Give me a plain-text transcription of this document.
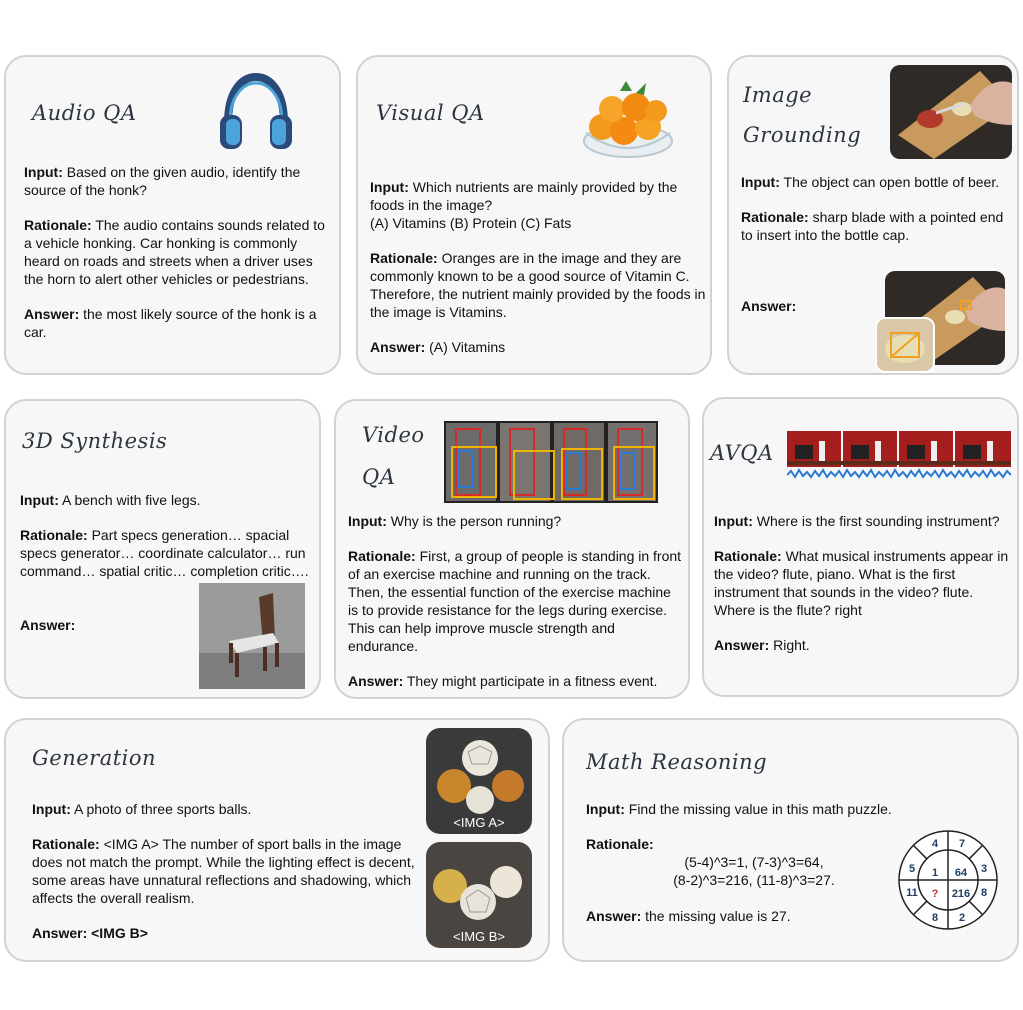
Audio QA

Input: Based on the given audio, identify the source of the honk?

Rationale: The audio contains sounds related to a vehicle honking. Car honking is commonly heard on roads and streets when a driver uses the horn to alert other vehicles or pedestrians.

Answer: the most likely source of the honk is a car.

Visual QA

Input: Which nutrients are mainly provided by the foods in the image?
(A) Vitamins (B) Protein (C) Fats

Rationale: Oranges are in the image and they are commonly known to be a good source of Vitamin C. Therefore, the nutrient mainly provided by the foods in the image is Vitamins.

Answer: (A) Vitamins

Image
Grounding

Input: The object can open bottle of beer.

Rationale: sharp blade with a pointed end to insert into the bottle cap.

Answer:
3D Synthesis

Input: A bench with five legs.

Rationale: Part specs generation… spacial specs generator… coordinate calculator… run command… spatial critic… completion critic….

Answer:
Video
QA

Input: Why is the person running?

Rationale: First, a group of people is standing in front of an exercise machine and running on the track. Then, the essential function of the exercise machine is to provide resistance for the legs during exercise. This can help improve muscle strength and endurance.

Answer: They might participate in a fitness event.

AVQA

Input: Where is the first sounding instrument?

Rationale: What musical instruments appear in the video? flute, piano. What is the first instrument that sounds in the video? flute. Where is the flute? right

Answer: Right.

Generation

Input: A photo of three sports balls.

Rationale: <IMG A> The number of sport balls in the image does not match the prompt. While the lighting effect is decent, some areas have unnatural reflections and shadowing, which affects the overall realism.

Answer: <IMG B>

<IMG A>
<IMG B>
Math Reasoning
Input: Find the missing value in this math puzzle.
Rationale:
(5-4)^3=1, (7-3)^3=64,
(8-2)^3=216, (11-8)^3=27.
Answer: the missing value is 27.
4 7
3
8
2
8
11
5 1 64
216
?
